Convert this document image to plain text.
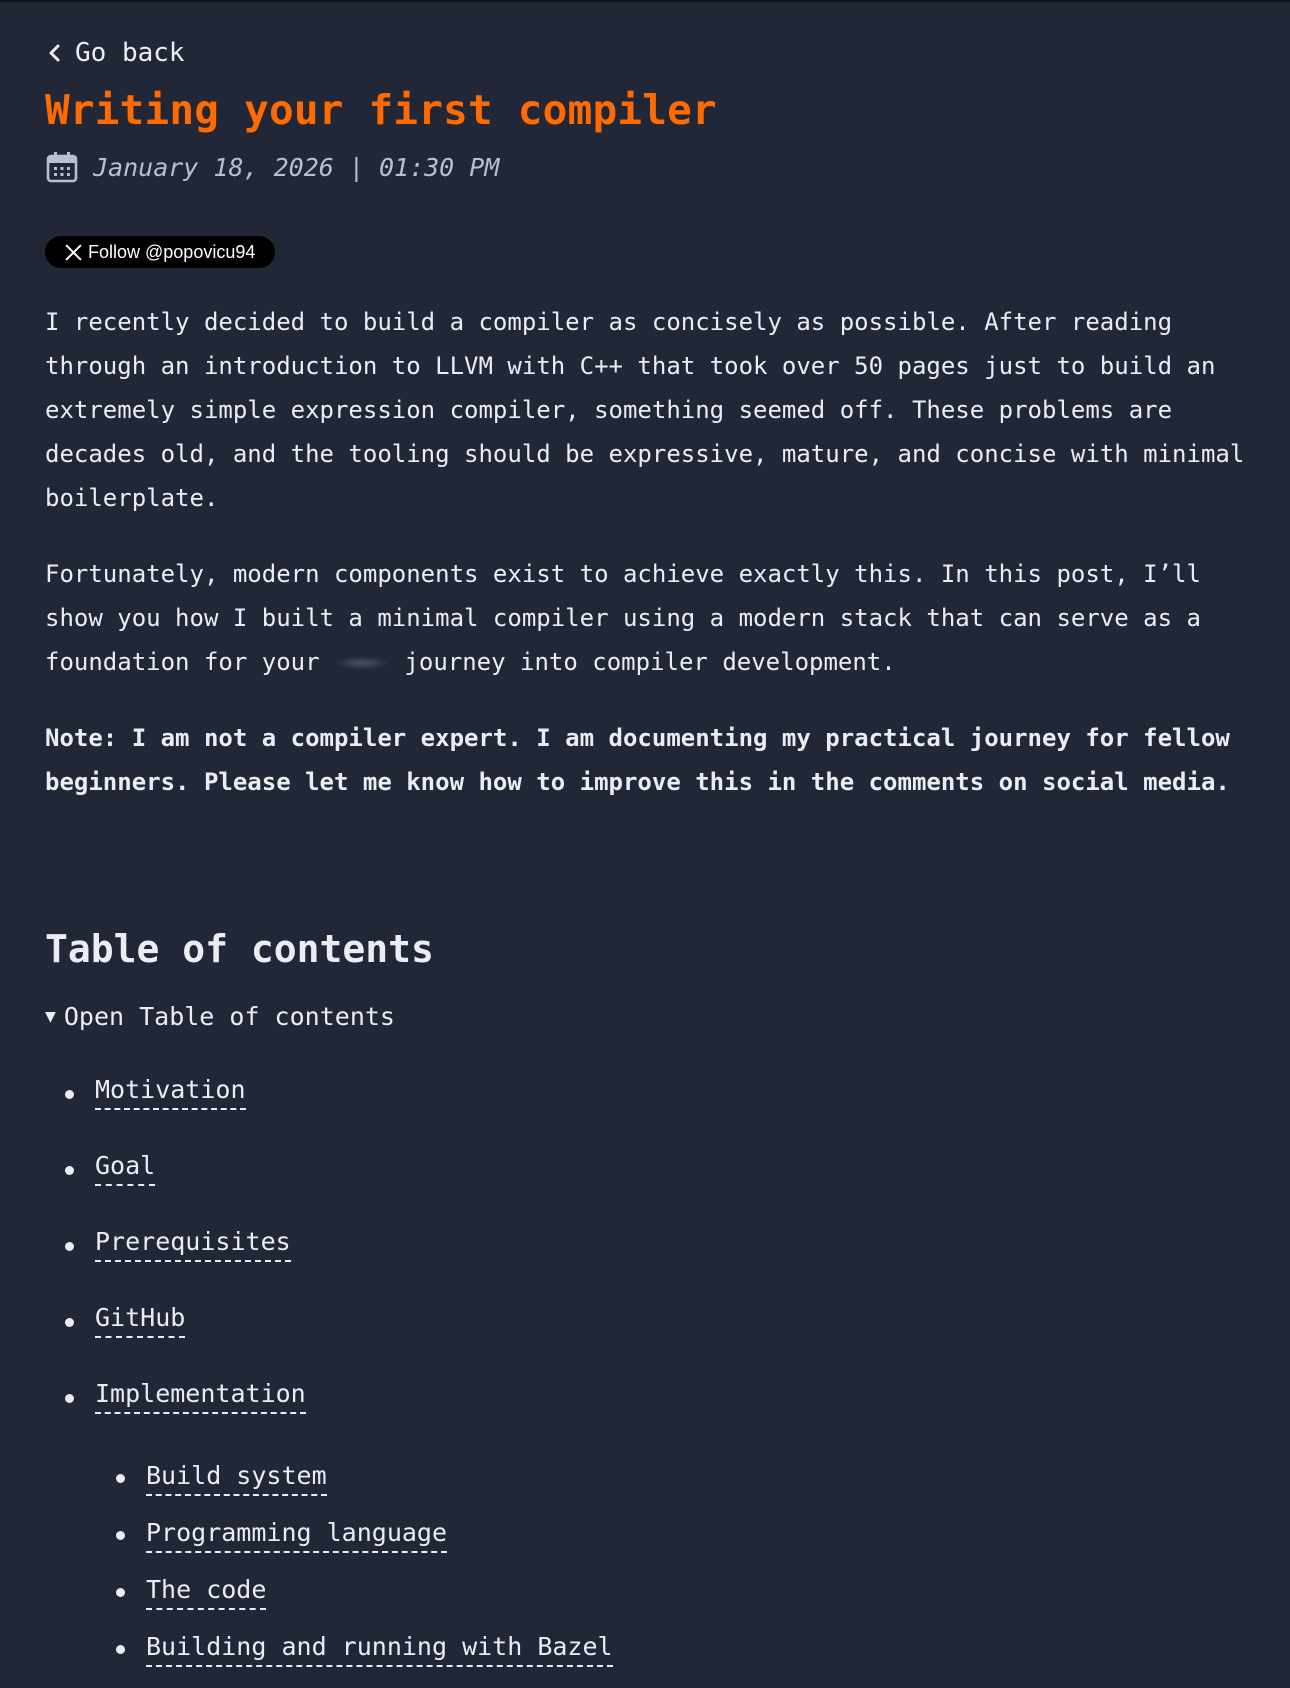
Go back
Writing your first compiler
January 18, 2026 | 01:30 PM
Follow @popovicu94

I recently decided to build a compiler as concisely as possible. After reading through an introduction to LLVM with C++ that took over 50 pages just to build an extremely simple expression compiler, something seemed off. These problems are decades old, and the tooling should be expressive, mature, and concise with minimal boilerplate.

Fortunately, modern components exist to achieve exactly this. In this post, I’ll show you how I built a minimal compiler using a modern stack that can serve as a foundation for your  journey into compiler development.

Note: I am not a compiler expert. I am documenting my practical journey for fellow beginners. Please let me know how to improve this in the comments on social media.

Table of contents
▼ Open Table of contents
Motivation
Goal
Prerequisites
GitHub
Implementation
Build system
Programming language
The code
Building and running with Bazel
